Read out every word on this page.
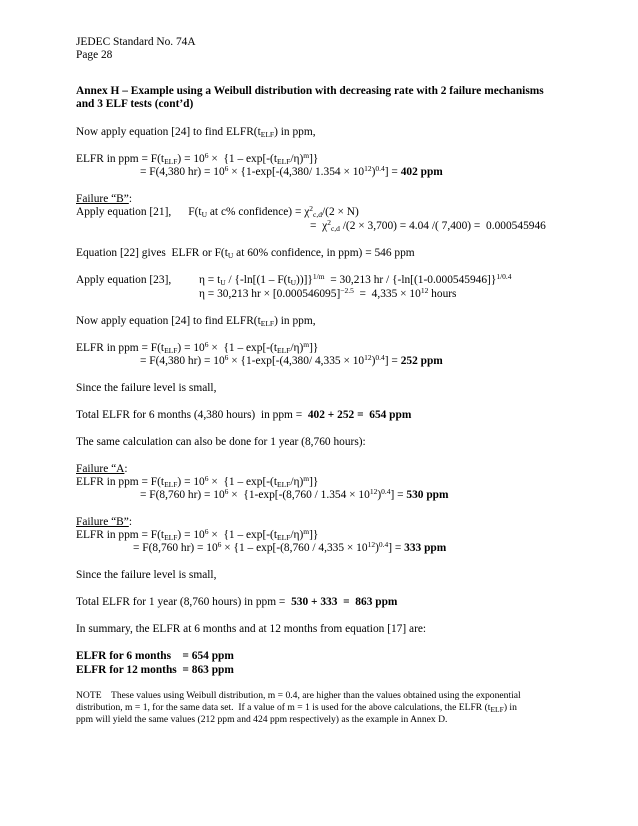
JEDEC Standard No. 74A
Page 28
Annex H – Example using a Weibull distribution with decreasing rate with 2 failure mechanisms
and 3 ELF tests (cont’d)
Now apply equation [24] to find $ELFR(t_{ELF})$ in ppm,
ELFR in ppm = $F(t_{ELF}) = 10^6 \times \{1 - \exp[-(t_{ELF}/\eta)^m]\}$
= F(4,380 $hr) = 10^6 \times \{1-\exp[-(4,380/$ $1.354 \times 10^{12})^{0.4}] = 402$ ppm
Failure “B”:
Apply equation [21],      $F(t_U$ at c% confidence) = $\chi^2_{c,d}/(2 \times N)$
=  $\chi^2_{c,d}$ /(2 × 3,700) = 4.04 /( 7,400) =  0.000545946
Equation [22] gives  ELFR or $F(t_U$ at 60% confidence, in ppm) = 546 ppm
Apply equation [23], $\eta = t_U / \{-\ln[(1 - F(t_U))]\}^{1/m} = 30,213$ hr / {$-\ln[(1-0.000545946]\}^{1/0.4}$
η = 30,213 hr × $[0.000546095]^{-2.5} = 4,335 \times 10^{12}$ hours
Now apply equation [24] to find $ELFR(t_{ELF})$ in ppm,
ELFR in ppm = $F(t_{ELF}) = 10^6 \times \{1 - \exp[-(t_{ELF}/\eta)^m]\}$
= F(4,380 $hr) = 10^6 \times \{1-\exp[-(4,380/$ $4,335 \times 10^{12})^{0.4}] = 252$ ppm
Since the failure level is small,
Total ELFR for 6 months (4,380 hours)  in ppm =  402 + 252 =  654 ppm
The same calculation can also be done for 1 year (8,760 hours):
Failure “A:
ELFR in ppm = $F(t_{ELF}) = 10^6 \times \{1 - \exp[-(t_{ELF}/\eta)^m]\}$
= F(8,760 $hr) = 10^6 \times \{1-\exp[-(8,760 / 1.354 \times 10^{12})^{0.4}] = 530$ ppm
Failure “B”:
ELFR in ppm = $F(t_{ELF}) = 10^6 \times \{1 - \exp[-(t_{ELF}/\eta)^m]\}$
= F(8,760 $hr) = 10^6 \times \{1 - \exp[-(8,760 / 4,335 \times 10^{12})^{0.4}] = 333$ ppm
Since the failure level is small,
Total ELFR for 1 year (8,760 hours) in ppm =  530 + 333  =  863 ppm
In summary, the ELFR at 6 months and at 12 months from equation [17] are:
ELFR for 6 months    = 654 ppm
ELFR for 12 months  = 863 ppm
NOTE    These values using Weibull distribution, m = 0.4, are higher than the values obtained using the exponential
distribution, m = 1, for the same data set.  If a value of m = 1 is used for the above calculations, the ELFR $(t_{ELF})$ in
ppm will yield the same values (212 ppm and 424 ppm respectively) as the example in Annex D.
